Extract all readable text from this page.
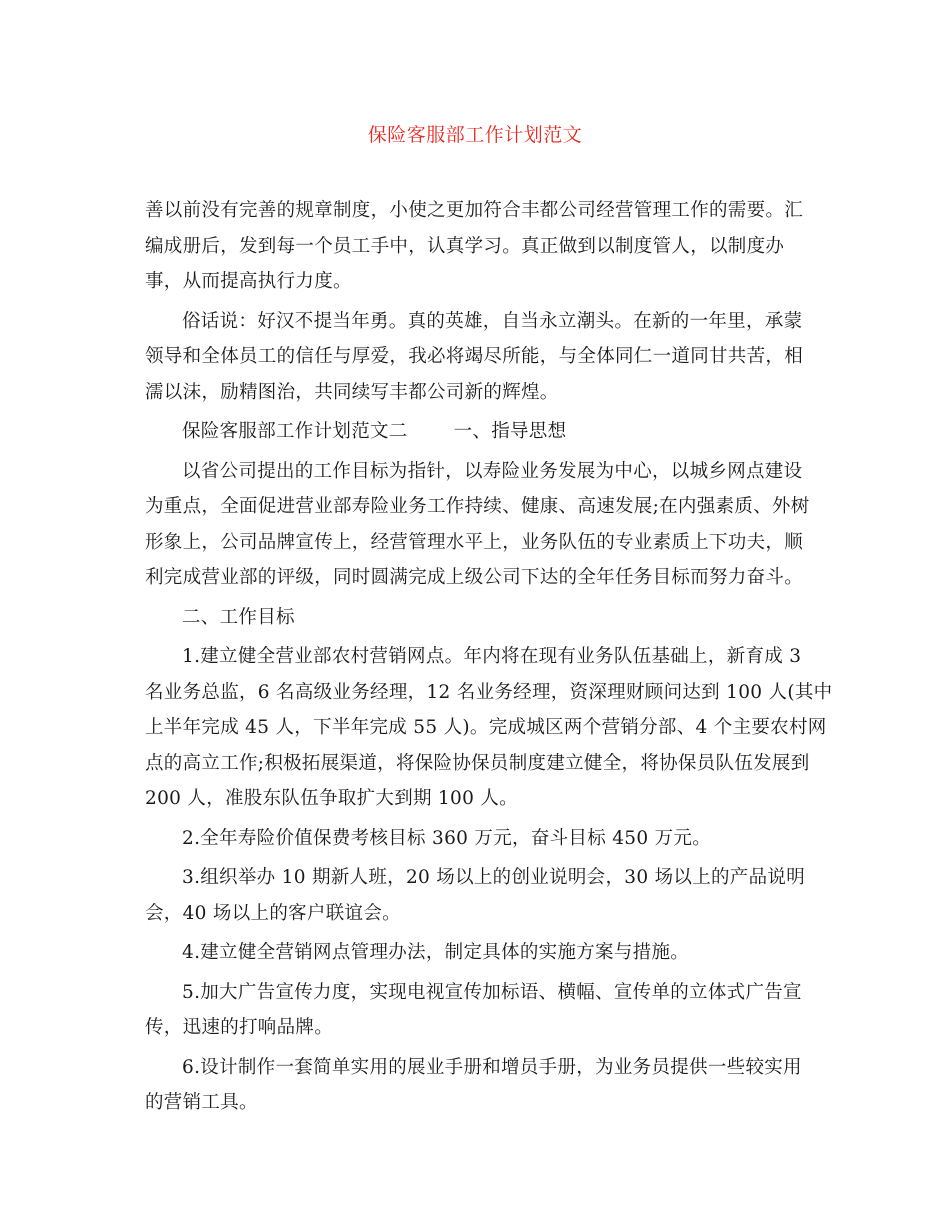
保险客服部工作计划范文

善以前没有完善的规章制度，小使之更加符合丰都公司经营管理工作的需要。汇
编成册后，发到每一个员工手中，认真学习。真正做到以制度管人，以制度办
事，从而提高执行力度。

俗话说：好汉不提当年勇。真的英雄，自当永立潮头。在新的一年里，承蒙
领导和全体员工的信任与厚爱，我必将竭尽所能，与全体同仁一道同甘共苦，相
濡以沫，励精图治，共同续写丰都公司新的辉煌。

保险客服部工作计划范文二 一、指导思想

以省公司提出的工作目标为指针，以寿险业务发展为中心，以城乡网点建设
为重点，全面促进营业部寿险业务工作持续、健康、高速发展;在内强素质、外树
形象上，公司品牌宣传上，经营管理水平上，业务队伍的专业素质上下功夫，顺
利完成营业部的评级，同时圆满完成上级公司下达的全年任务目标而努力奋斗。

二、工作目标

1.建立健全营业部农村营销网点。年内将在现有业务队伍基础上，新育成 3
名业务总监，6 名高级业务经理，12 名业务经理，资深理财顾问达到 100 人(其中
上半年完成 45 人，下半年完成 55 人)。完成城区两个营销分部、4 个主要农村网
点的高立工作;积极拓展渠道，将保险协保员制度建立健全，将协保员队伍发展到
200 人，准股东队伍争取扩大到期 100 人。

2.全年寿险价值保费考核目标 360 万元，奋斗目标 450 万元。

3.组织举办 10 期新人班，20 场以上的创业说明会，30 场以上的产品说明
会，40 场以上的客户联谊会。

4.建立健全营销网点管理办法，制定具体的实施方案与措施。

5.加大广告宣传力度，实现电视宣传加标语、横幅、宣传单的立体式广告宣
传，迅速的打响品牌。

6.设计制作一套简单实用的展业手册和增员手册，为业务员提供一些较实用
的营销工具。
